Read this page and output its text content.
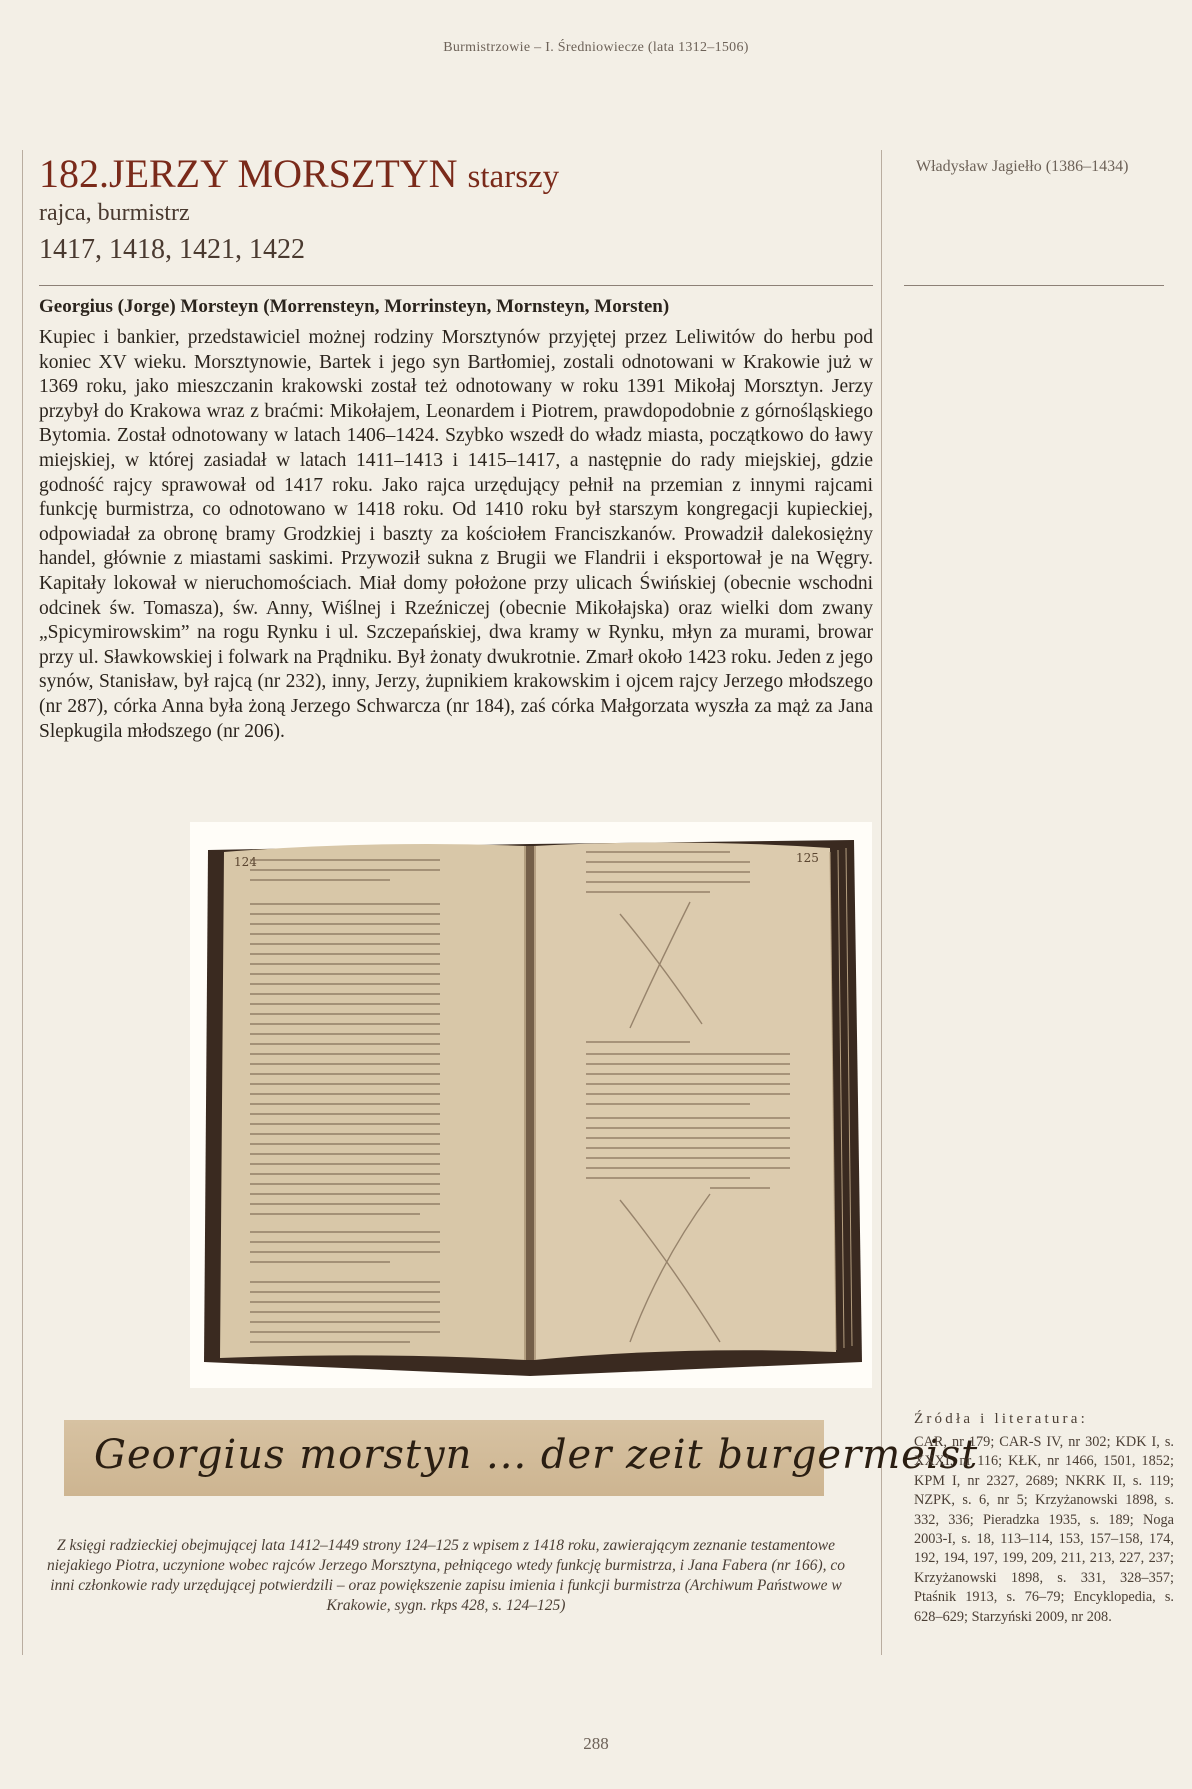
Burmistrzowie – I. Średniowiecze (lata 1312–1506)
182.JERZY MORSZTYN starszy
rajca, burmistrz
1417, 1418, 1421, 1422
Georgius (Jorge) Morsteyn (Morrensteyn, Morrinsteyn, Mornsteyn, Morsten)

Kupiec i bankier, przedstawiciel możnej rodziny Morsztynów przyjętej przez Leliwitów do herbu pod koniec XV wieku. Morsztynowie, Bartek i jego syn Bartłomiej, zostali odnotowani w Krakowie już w 1369 roku, jako mieszczanin krakowski został też odnotowany w roku 1391 Mikołaj Morsztyn. Jerzy przybył do Krakowa wraz z braćmi: Mikołajem, Leonardem i Piotrem, prawdopodobnie z górnośląskiego Bytomia. Został odnotowany w latach 1406–1424. Szybko wszedł do władz miasta, początkowo do ławy miejskiej, w której zasiadał w latach 1411–1413 i 1415–1417, a następnie do rady miejskiej, gdzie godność rajcy sprawował od 1417 roku. Jako rajca urzędujący pełnił na przemian z innymi rajcami funkcję burmistrza, co odnotowano w 1418 roku. Od 1410 roku był starszym kongregacji kupieckiej, odpowiadał za obronę bramy Grodzkiej i baszty za kościołem Franciszkanów. Prowadził dalekosiężny handel, głównie z miastami saskimi. Przywoził sukna z Brugii we Flandrii i eksportował je na Węgry. Kapitały lokował w nieruchomościach. Miał domy położone przy ulicach Świńskiej (obecnie wschodni odcinek św. Tomasza), św. Anny, Wiślnej i Rzeźniczej (obecnie Mikołajska) oraz wielki dom zwany „Spicymirowskim” na rogu Rynku i ul. Szczepańskiej, dwa kramy w Rynku, młyn za murami, browar przy ul. Sławkowskiej i folwark na Prądniku. Był żonaty dwukrotnie. Zmarł około 1423 roku. Jeden z jego synów, Stanisław, był rajcą (nr 232), inny, Jerzy, żupnikiem krakowskim i ojcem rajcy Jerzego młodszego (nr 287), córka Anna była żoną Jerzego Schwarcza (nr 184), zaś córka Małgorzata wyszła za mąż za Jana Slepkugila młodszego (nr 206).

124	125
Georgius morstyn ... der zeit burgermeist

Z księgi radzieckiej obejmującej lata 1412–1449 strony 124–125 z wpisem z 1418 roku, zawierającym zeznanie testamentowe niejakiego Piotra, uczynione wobec rajców Jerzego Morsztyna, pełniącego wtedy funkcję burmistrza, i Jana Fabera (nr 166), co inni członkowie rady urzędującej potwierdzili – oraz powiększenie zapisu imienia i funkcji burmistrza (Archiwum Państwowe w Krakowie, sygn. rkps 428, s. 124–125)

Władysław Jagiełło (1386–1434)
Źródła i literatura:

CAR, nr 179; CAR-S IV, nr 302; KDK I, s. XXXI, nr 116; KŁK, nr 1466, 1501, 1852; KPM I, nr 2327, 2689; NKRK II, s. 119; NZPK, s. 6, nr 5; Krzyżanowski 1898, s. 332, 336; Pieradzka 1935, s. 189; Noga 2003-I, s. 18, 113–114, 153, 157–158, 174, 192, 194, 197, 199, 209, 211, 213, 227, 237; Krzyżanowski 1898, s. 331, 328–357; Ptaśnik 1913, s. 76–79; Encyklopedia, s. 628–629; Starzyński 2009, nr 208.

288
